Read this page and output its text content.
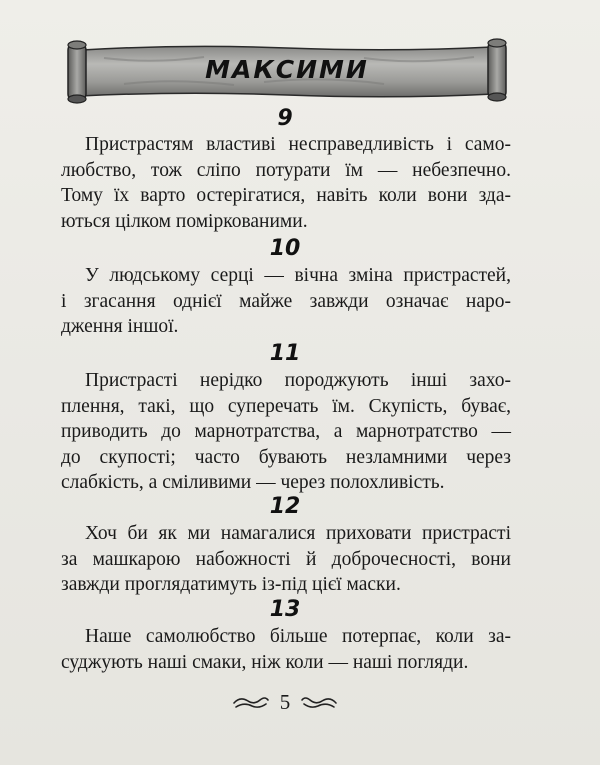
МАКСИМИ
9
Пристрастям властиві несправедливість і само-
любство, тож сліпо потурати їм — небезпечно.
Тому їх варто остерігатися, навіть коли вони зда-
ються цілком поміркованими.
10
У людському серці — вічна зміна пристрастей,
і згасання однієї майже завжди означає наро-
дження іншої.
11
Пристрасті нерідко породжують інші захо-
плення, такі, що суперечать їм. Скупість, буває,
приводить до марнотратства, а марнотратство —
до скупості; часто бувають незламними через
слабкість, а сміливими — через полохливість.
12
Хоч би як ми намагалися приховати пристрасті
за машкарою набожності й доброчесності, вони
завжди проглядатимуть із-під цієї маски.
13
Наше самолюбство більше потерпає, коли за-
суджують наші смаки, ніж коли — наші погляди.
5
